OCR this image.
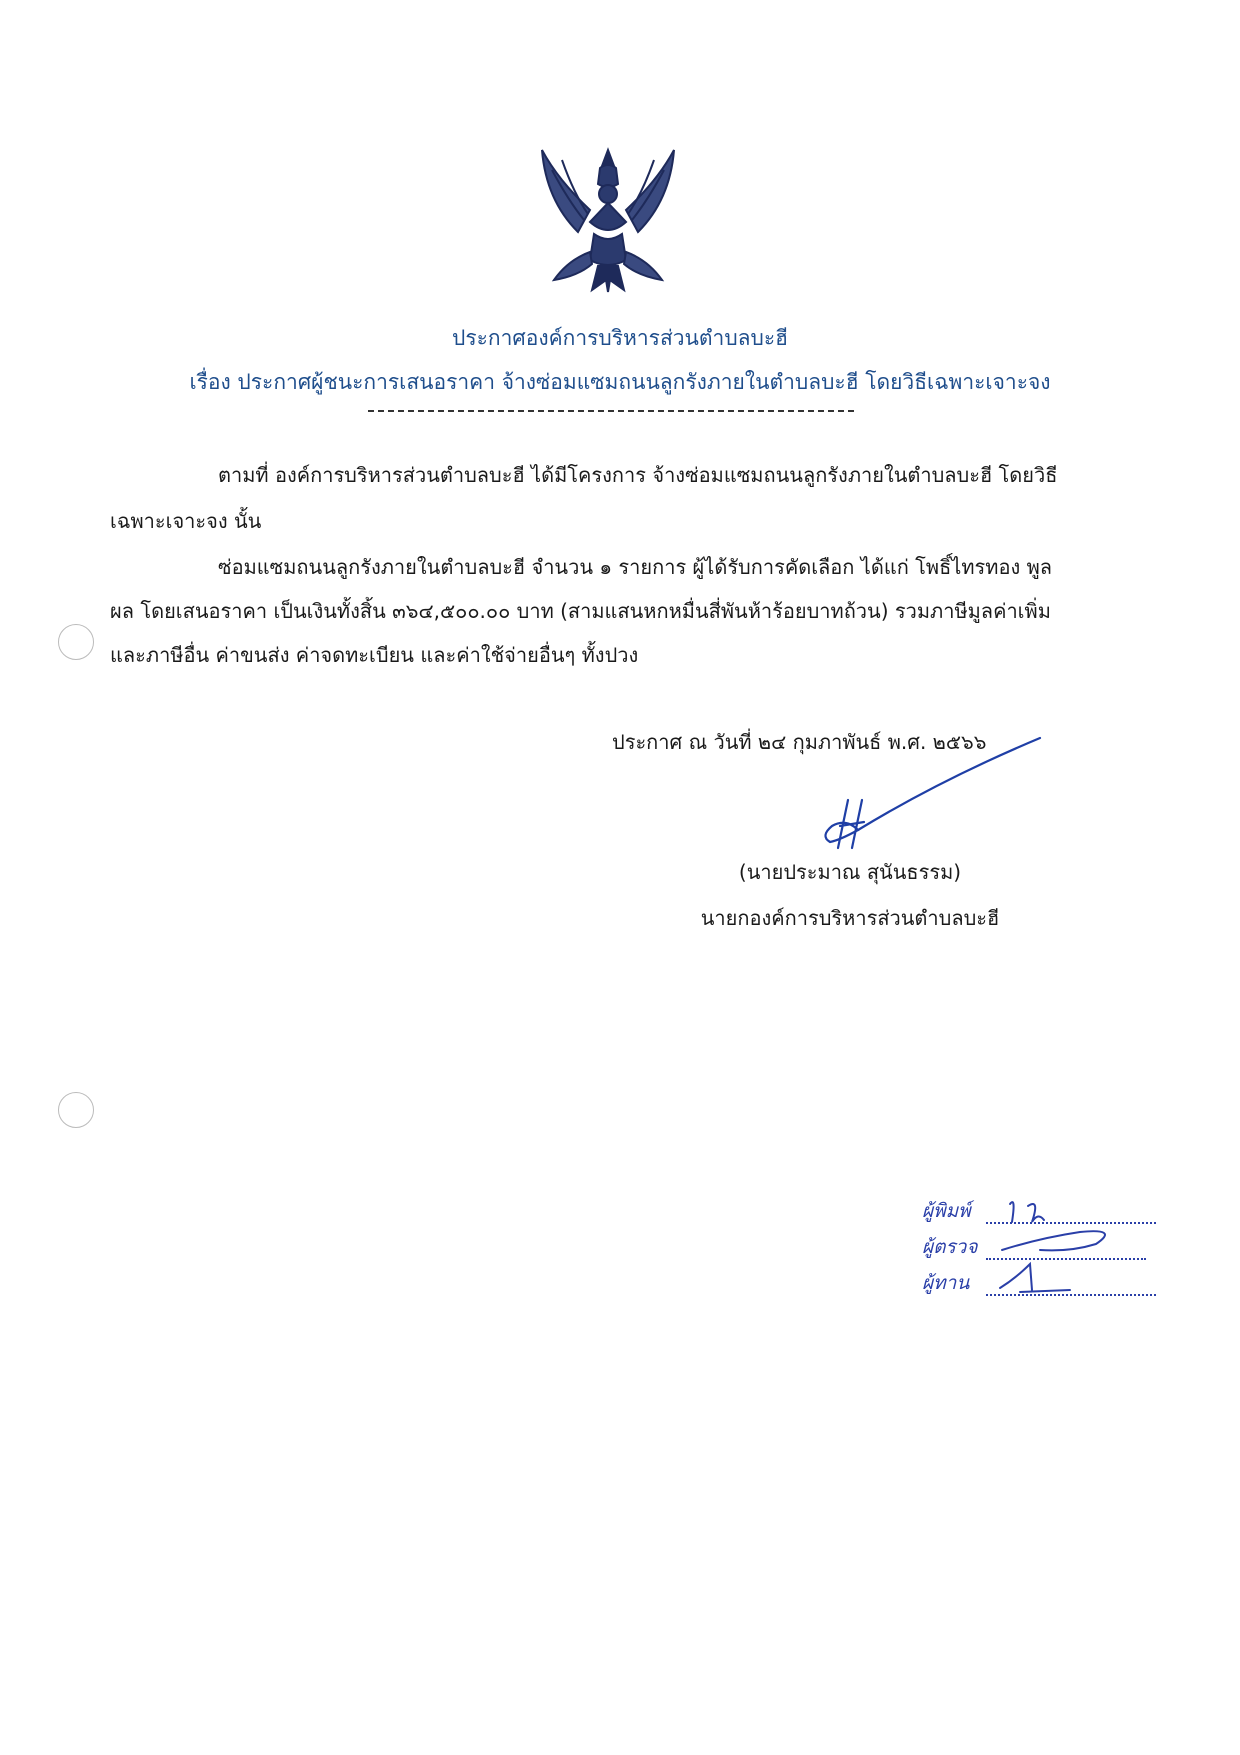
ประกาศองค์การบริหารส่วนตำบลบะฮี
เรื่อง ประกาศผู้ชนะการเสนอราคา จ้างซ่อมแซมถนนลูกรังภายในตำบลบะฮี โดยวิธีเฉพาะเจาะจง
ตามที่ องค์การบริหารส่วนตำบลบะฮี ได้มีโครงการ จ้างซ่อมแซมถนนลูกรังภายในตำบลบะฮี โดยวิธี
เฉพาะเจาะจง นั้น
ซ่อมแซมถนนลูกรังภายในตำบลบะฮี จำนวน ๑ รายการ ผู้ได้รับการคัดเลือก ได้แก่ โพธิ์ไทรทอง พูล
ผล โดยเสนอราคา เป็นเงินทั้งสิ้น ๓๖๔,๕๐๐.๐๐ บาท (สามแสนหกหมื่นสี่พันห้าร้อยบาทถ้วน) รวมภาษีมูลค่าเพิ่ม
และภาษีอื่น ค่าขนส่ง ค่าจดทะเบียน และค่าใช้จ่ายอื่นๆ ทั้งปวง
ประกาศ ณ วันที่ ๒๔ กุมภาพันธ์ พ.ศ. ๒๕๖๖
(นายประมาณ สุนันธรรม)
นายกองค์การบริหารส่วนตำบลบะฮี
ผู้พิมพ์
ผู้ตรวจ
ผู้ทาน
